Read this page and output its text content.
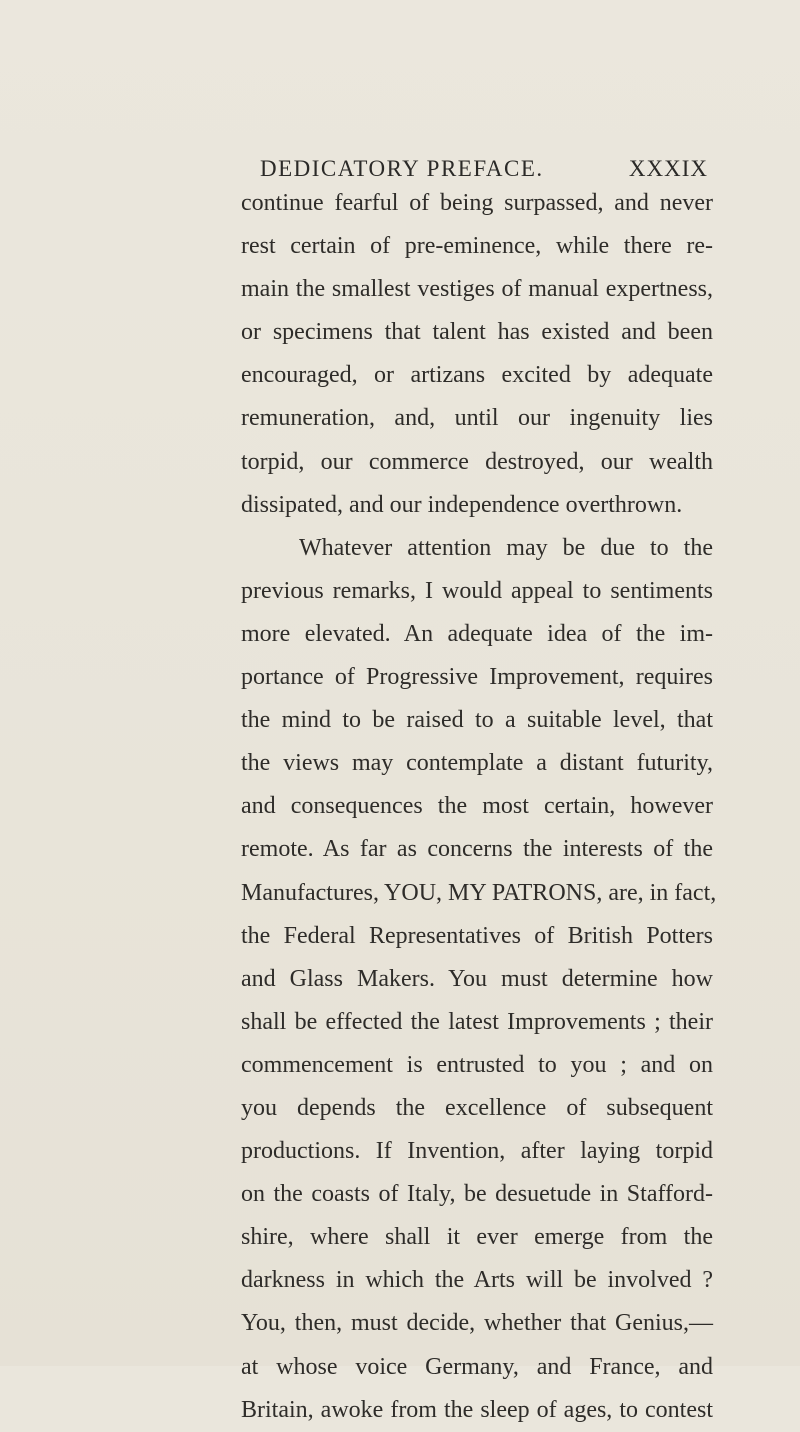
DEDICATORY PREFACE.	XXXIX
continue fearful of being surpassed, and never
rest certain of pre-eminence, while there re-
main the smallest vestiges of manual expertness,
or specimens that talent has existed and been
encouraged, or artizans excited by adequate
remuneration, and, until our ingenuity lies
torpid, our commerce destroyed, our wealth
dissipated, and our independence overthrown.
Whatever attention may be due to the
previous remarks, I would appeal to sentiments
more elevated. An adequate idea of the im-
portance of Progressive Improvement, requires
the mind to be raised to a suitable level, that
the views may contemplate a distant futurity,
and consequences the most certain, however
remote. As far as concerns the interests of the
Manufactures, YOU, MY PATRONS, are, in fact,
the Federal Representatives of British Potters
and Glass Makers. You must determine how
shall be effected the latest Improvements ; their
commencement is entrusted to you ; and on
you depends the excellence of subsequent
productions. If Invention, after laying torpid
on the coasts of Italy, be desuetude in Stafford-
shire, where shall it ever emerge from the
darkness in which the Arts will be involved ?
You, then, must decide, whether that Genius,—
at whose voice Germany, and France, and
Britain, awoke from the sleep of ages, to contest
